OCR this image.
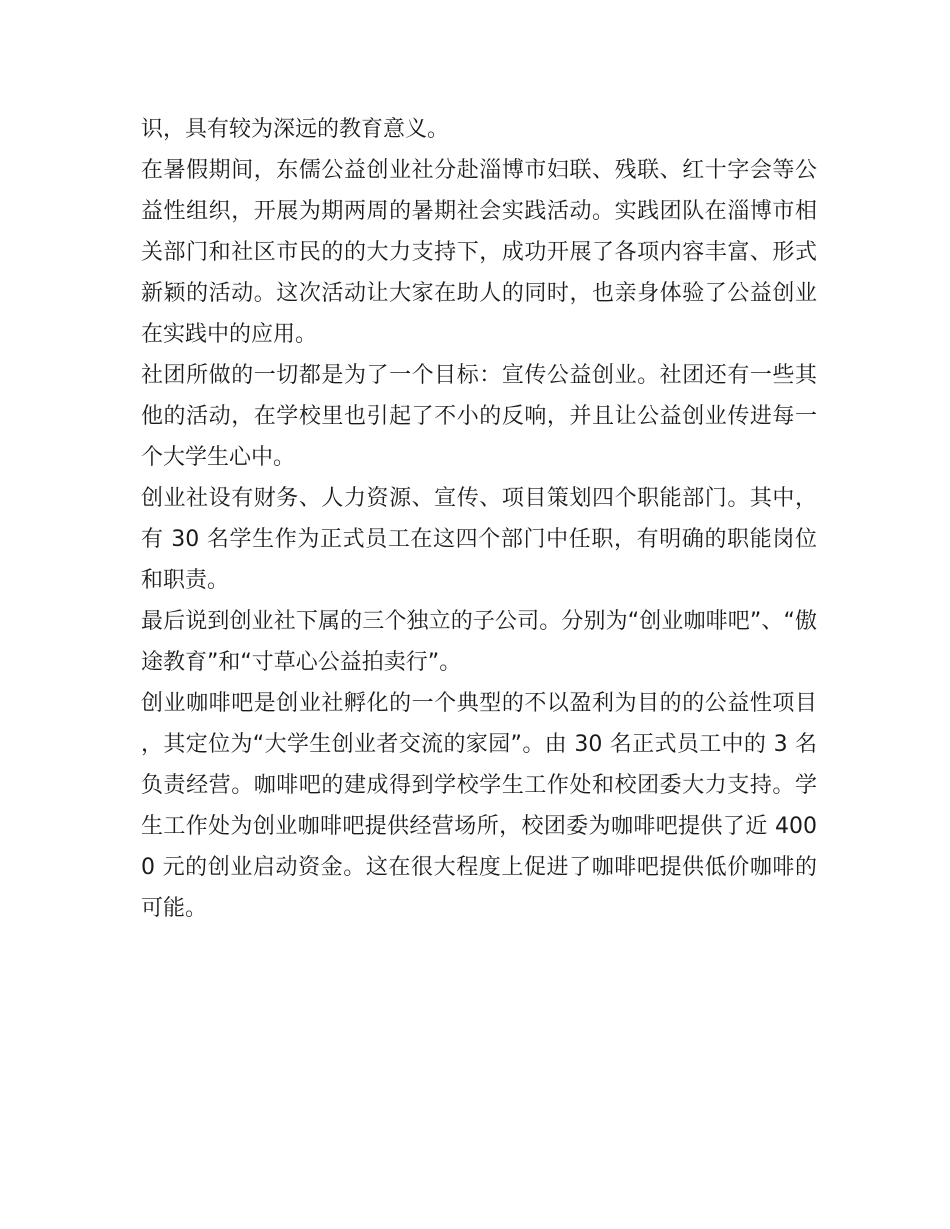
识，具有较为深远的教育意义。

在暑假期间，东儒公益创业社分赴淄博市妇联、残联、红十字会等公益性组织，开展为期两周的暑期社会实践活动。实践团队在淄博市相关部门和社区市民的的大力支持下，成功开展了各项内容丰富、形式新颖的活动。这次活动让大家在助人的同时，也亲身体验了公益创业在实践中的应用。

社团所做的一切都是为了一个目标：宣传公益创业。社团还有一些其他的活动，在学校里也引起了不小的反响，并且让公益创业传进每一个大学生心中。

创业社设有财务、人力资源、宣传、项目策划四个职能部门。其中，有 30 名学生作为正式员工在这四个部门中任职，有明确的职能岗位和职责。

最后说到创业社下属的三个独立的子公司。分别为“创业咖啡吧”、“傲途教育”和“寸草心公益拍卖行”。

创业咖啡吧是创业社孵化的一个典型的不以盈利为目的的公益性项目，其定位为“大学生创业者交流的家园”。由 30 名正式员工中的 3 名负责经营。咖啡吧的建成得到学校学生工作处和校团委大力支持。学生工作处为创业咖啡吧提供经营场所，校团委为咖啡吧提供了近 4000 元的创业启动资金。这在很大程度上促进了咖啡吧提供低价咖啡的可能。
